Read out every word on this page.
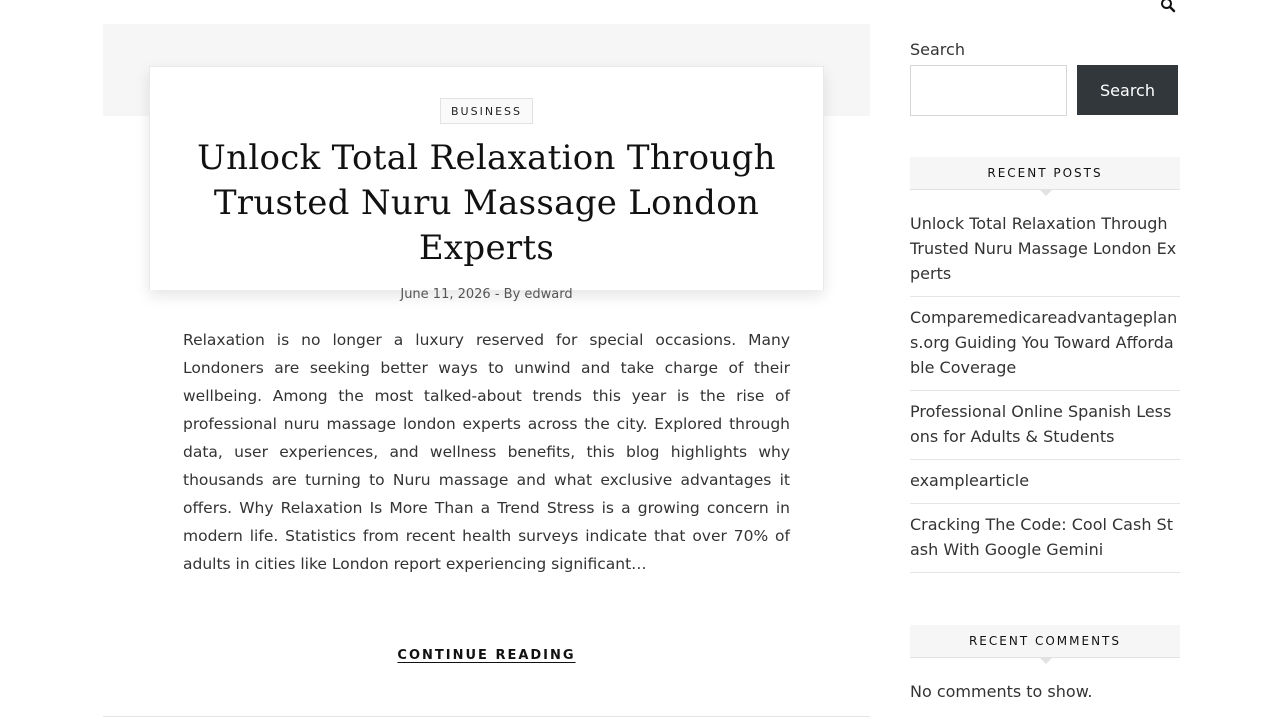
BUSINESS
Unlock Total Relaxation Through Trusted Nuru Massage London Experts
June 11, 2026 - By edward

Relaxation is no longer a luxury reserved for special occasions. Many Londoners are seeking better ways to unwind and take charge of their wellbeing. Among the most talked-about trends this year is the rise of professional nuru massage london experts across the city. Explored through data, user experiences, and wellness benefits, this blog highlights why thousands are turning to Nuru massage and what exclusive advantages it offers. Why Relaxation Is More Than a Trend Stress is a growing concern in modern life. Statistics from recent health surveys indicate that over 70% of adults in cities like London report experiencing significant…

CONTINUE READING
Search
Search
RECENT POSTS
Unlock Total Relaxation Through Trusted Nuru Massage London Experts
Comparemedicareadvantageplans.org Guiding You Toward Affordable Coverage
Professional Online Spanish Lessons for Adults & Students
examplearticle
Cracking The Code: Cool Cash Stash With Google Gemini
RECENT COMMENTS

No comments to show.
